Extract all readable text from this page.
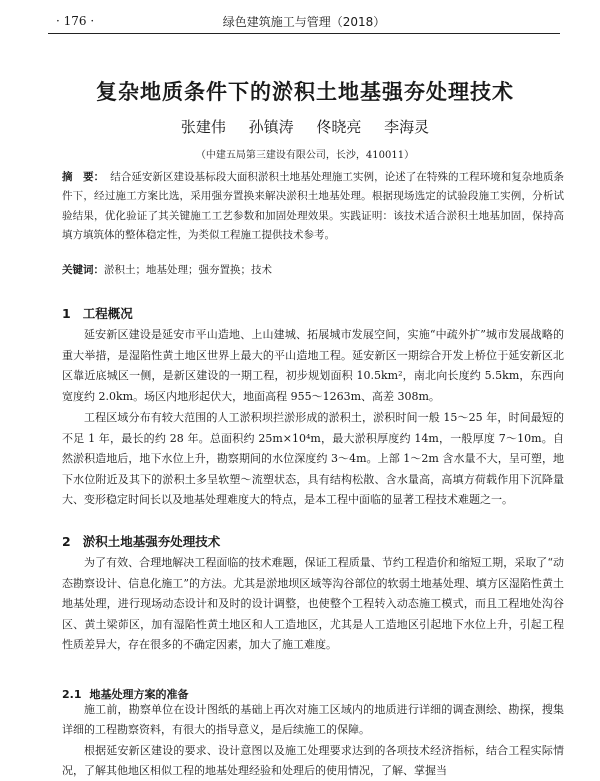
· 176 ·	绿色建筑施工与管理（2018）
复杂地质条件下的淤积土地基强夯处理技术
张建伟 孙镇涛 佟晓亮 李海灵
（中建五局第三建设有限公司，长沙，410011）
摘　要： 结合延安新区建设基标段大面积淤积土地基处理施工实例，论述了在特殊的工程环境和复杂地质条件下，经过施工方案比选，采用强夯置换来解决淤积土地基处理。根据现场选定的试验段施工实例，分析试验结果，优化验证了其关键施工工艺参数和加固处理效果。实践证明：该技术适合淤积土地基加固，保持高填方填筑体的整体稳定性，为类似工程施工提供技术参考。
关键词：淤积土；地基处理；强夯置换；技术
1 工程概况

延安新区建设是延安市平山造地、上山建城、拓展城市发展空间，实施“中疏外扩”城市发展战略的重大举措，是湿陷性黄土地区世界上最大的平山造地工程。延安新区一期综合开发上桥位于延安新区北区靠近底城区一侧，是新区建设的一期工程，初步规划面积 10.5km²，南北向长度约 5.5km，东西向宽度约 2.0km。场区内地形起伏大，地面高程 955～1263m、高差 308m。

工程区域分布有较大范围的人工淤积坝拦淤形成的淤积土，淤积时间一般 15～25 年，时间最短的不足 1 年，最长的约 28 年。总面积约 25m×10⁴m，最大淤积厚度约 14m，一般厚度 7～10m。自然淤积造地后，地下水位上升，勘察期间的水位深度约 3～4m。上部 1～2m 含水量不大，呈可塑，地下水位附近及其下的淤积土多呈软塑～流塑状态，具有结构松散、含水量高，高填方荷载作用下沉降量大、变形稳定时间长以及地基处理难度大的特点，是本工程中面临的显著工程技术难题之一。

2 淤积土地基强夯处理技术

为了有效、合理地解决工程面临的技术难题，保证工程质量、节约工程造价和缩短工期，采取了“动态勘察设计、信息化施工”的方法。尤其是淤地坝区域等沟谷部位的软弱土地基处理、填方区湿陷性黄土地基处理，进行现场动态设计和及时的设计调整，也使整个工程转入动态施工模式，而且工程地处沟谷区、黄土梁茆区，加有湿陷性黄土地区和人工造地区，尤其是人工造地区引起地下水位上升，引起工程性质差异大，存在很多的不确定因素，加大了施工难度。

2.1 地基处理方案的准备

施工前，勘察单位在设计图纸的基础上再次对施工区域内的地质进行详细的调查测绘、勘探，搜集详细的工程勘察资料，有很大的指导意义，是后续施工的保障。

根据延安新区建设的要求、设计意图以及施工处理要求达到的各项技术经济指标，结合工程实际情况，了解其他地区相似工程的地基处理经验和处理后的使用情况，了解、掌握当
